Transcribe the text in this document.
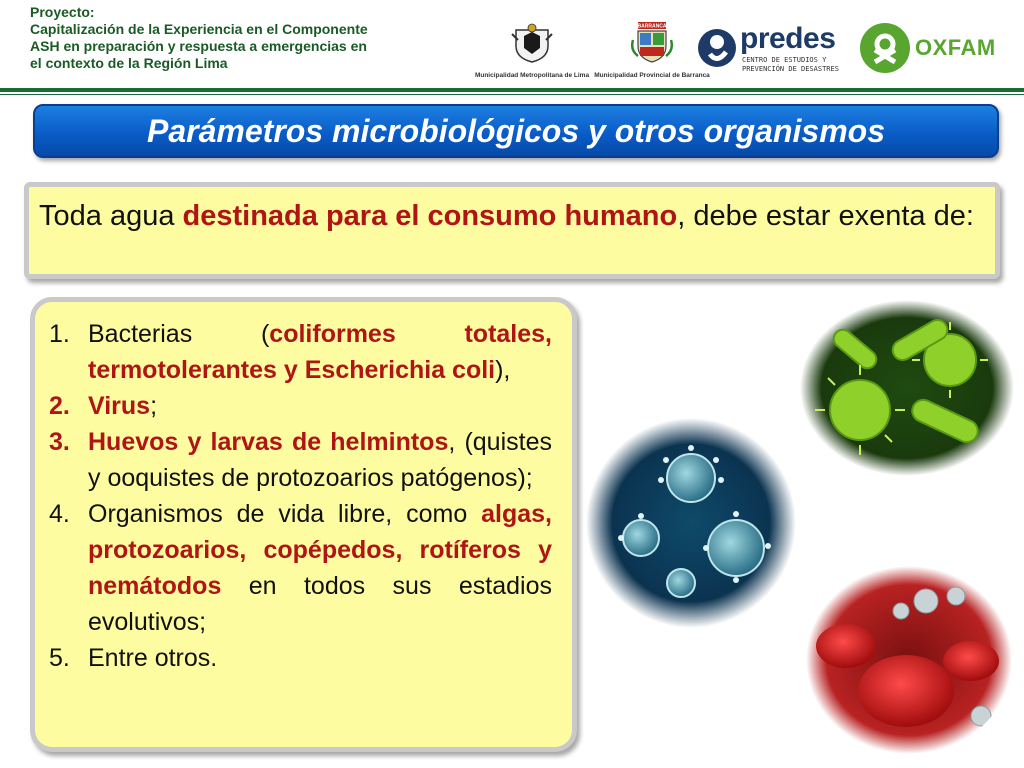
Proyecto:
Capitalización de la Experiencia en el Componente
ASH en preparación y respuesta a emergencias en
el contexto de la Región Lima
Municipalidad Metropolitana de Lima
BARRANCA
Municipalidad Provincial de Barranca
predes
CENTRO DE ESTUDIOS Y
PREVENCIÓN DE DESASTRES
OXFAM
Parámetros microbiológicos y otros organismos

Toda agua destinada para el consumo humano, debe estar exenta de:

1. Bacterias (coliformes totales, termotolerantes y Escherichia coli),
2. Virus;
3. Huevos y larvas de helmintos, (quistes y ooquistes de protozoarios patógenos);
4. Organismos de vida libre, como algas, protozoarios, copépedos, rotíferos y nemátodos en todos sus estadios evolutivos;
5. Entre otros.
